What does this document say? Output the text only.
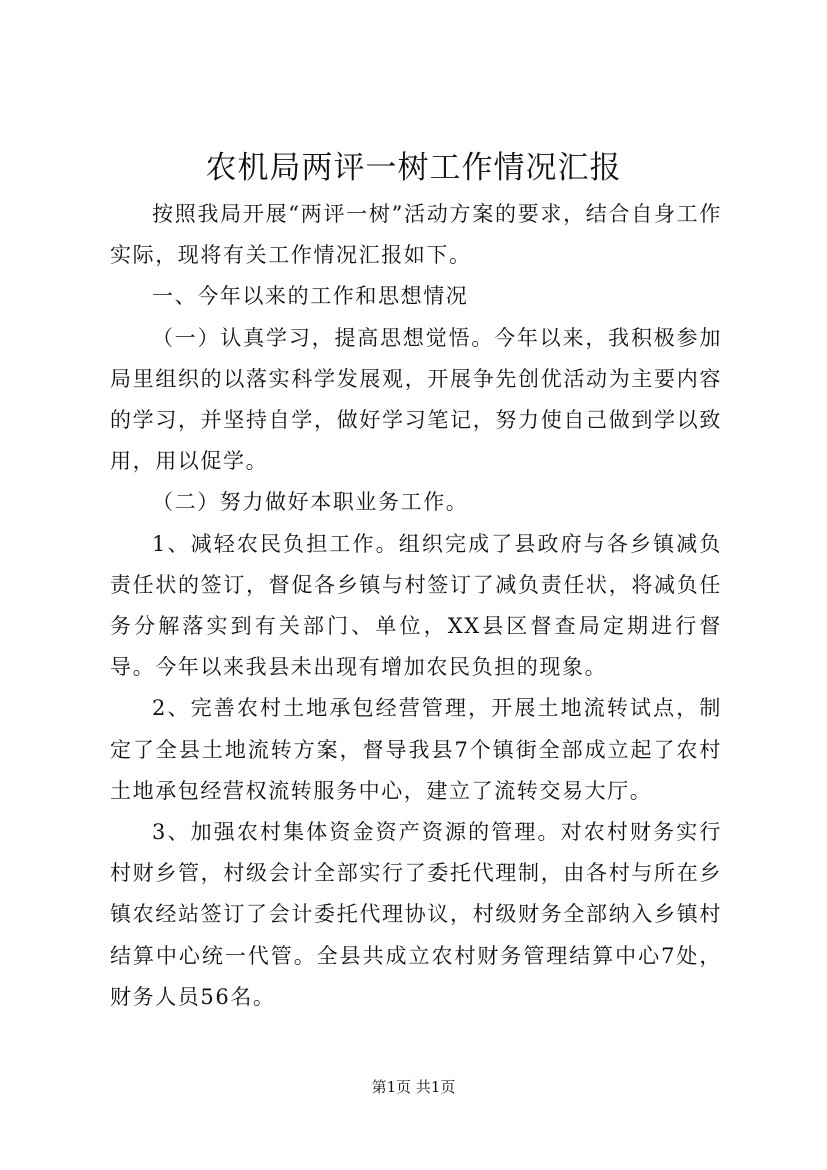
农机局两评一树工作情况汇报

按照我局开展“两评一树”活动方案的要求，结合自身工作实际，现将有关工作情况汇报如下。

一、今年以来的工作和思想情况

（一）认真学习，提高思想觉悟。今年以来，我积极参加局里组织的以落实科学发展观，开展争先创优活动为主要内容的学习，并坚持自学，做好学习笔记，努力使自己做到学以致用，用以促学。

（二）努力做好本职业务工作。

1、减轻农民负担工作。组织完成了县政府与各乡镇减负责任状的签订，督促各乡镇与村签订了减负责任状，将减负任务分解落实到有关部门、单位，XX县区督查局定期进行督导。今年以来我县未出现有增加农民负担的现象。

2、完善农村土地承包经营管理，开展土地流转试点，制定了全县土地流转方案，督导我县7个镇街全部成立起了农村土地承包经营权流转服务中心，建立了流转交易大厅。

3、加强农村集体资金资产资源的管理。对农村财务实行村财乡管，村级会计全部实行了委托代理制，由各村与所在乡镇农经站签订了会计委托代理协议，村级财务全部纳入乡镇村结算中心统一代管。全县共成立农村财务管理结算中心7处，财务人员56名。

第1页 共1页
